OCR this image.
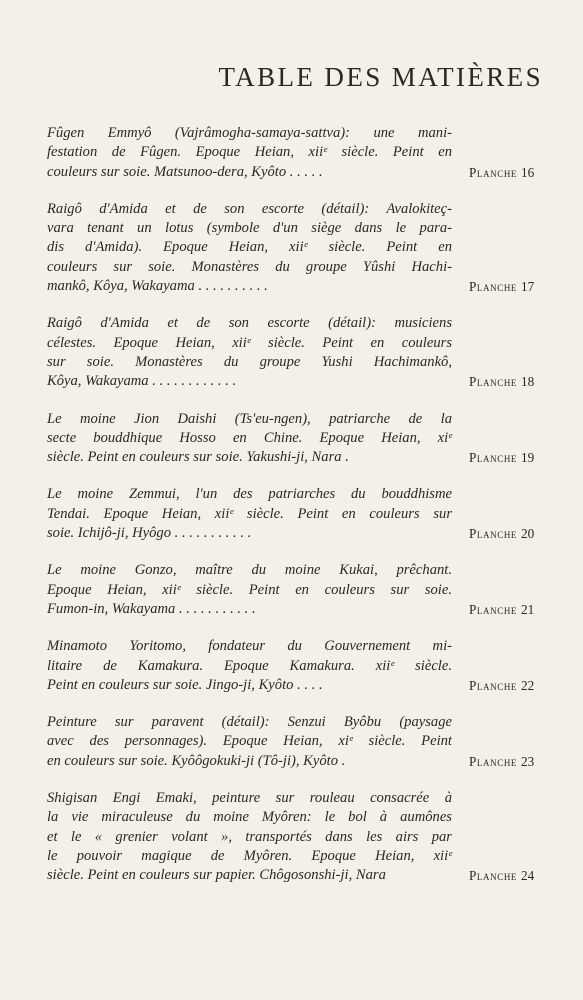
TABLE DES MATIÈRES
Fûgen Emmyô (Vajrâmogha-samaya-sattva): une mani-
festation de Fûgen. Epoque Heian, xiiᵉ siècle. Peint en
couleurs sur soie. Matsunoo-dera, Kyôto . . . . .	Planche 16
Raigô d'Amida et de son escorte (détail): Avalokiteç-
vara tenant un lotus (symbole d'un siège dans le para-
dis d'Amida). Epoque Heian, xiiᵉ siècle. Peint en
couleurs sur soie. Monastères du groupe Yûshi Hachi-
mankô, Kôya, Wakayama . . . . . . . . . .	Planche 17
Raigô d'Amida et de son escorte (détail): musiciens
célestes. Epoque Heian, xiiᵉ siècle. Peint en couleurs
sur soie. Monastères du groupe Yushi Hachimankô,
Kôya, Wakayama . . . . . . . . . . . .	Planche 18
Le moine Jion Daishi (Ts'eu-ngen), patriarche de la
secte bouddhique Hosso en Chine. Epoque Heian, xiᵉ
siècle. Peint en couleurs sur soie. Yakushi-ji, Nara .	Planche 19
Le moine Zemmui, l'un des patriarches du bouddhisme
Tendai. Epoque Heian, xiiᵉ siècle. Peint en couleurs sur
soie. Ichijô-ji, Hyôgo . . . . . . . . . . .	Planche 20
Le moine Gonzo, maître du moine Kukai, prêchant.
Epoque Heian, xiiᵉ siècle. Peint en couleurs sur soie.
Fumon-in, Wakayama . . . . . . . . . . .	Planche 21
Minamoto Yoritomo, fondateur du Gouvernement mi-
litaire de Kamakura. Epoque Kamakura. xiiᵉ siècle.
Peint en couleurs sur soie. Jingo-ji, Kyôto . . . .	Planche 22
Peinture sur paravent (détail): Senzui Byôbu (paysage
avec des personnages). Epoque Heian, xiᵉ siècle. Peint
en couleurs sur soie. Kyôôgokuki-ji (Tô-ji), Kyôto .	Planche 23
Shigisan Engi Emaki, peinture sur rouleau consacrée à
la vie miraculeuse du moine Myôren: le bol à aumônes
et le « grenier volant », transportés dans les airs par
le pouvoir magique de Myôren. Epoque Heian, xiiᵉ
siècle. Peint en couleurs sur papier. Chôgosonshi-ji, Nara	Planche 24
